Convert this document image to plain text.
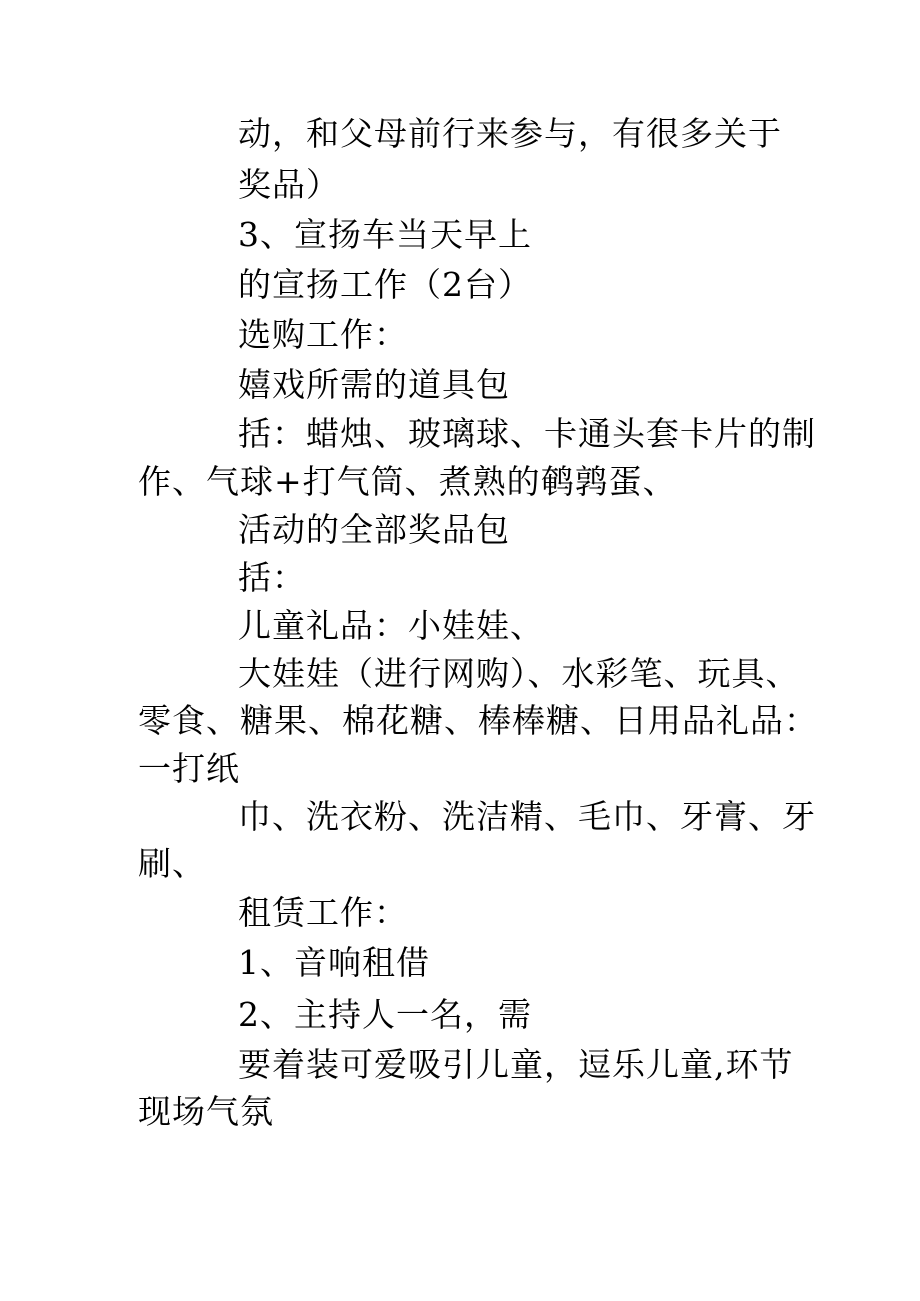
动，和父母前行来参与，有很多关于
奖品）
3、宣扬车当天早上
的宣扬工作（2台）
选购工作：
嬉戏所需的道具包
括：蜡烛、玻璃球、卡通头套卡片的制
作、气球+打气筒、煮熟的鹌鹑蛋、
活动的全部奖品包
括：
儿童礼品：小娃娃、
大娃娃（进行网购）、水彩笔、玩具、
零食、糖果、棉花糖、棒棒糖、日用品礼品：
一打纸
巾、洗衣粉、洗洁精、毛巾、牙膏、牙
刷、
租赁工作：
1、音响租借
2、主持人一名，需
要着装可爱吸引儿童，逗乐儿童,环节
现场气氛
